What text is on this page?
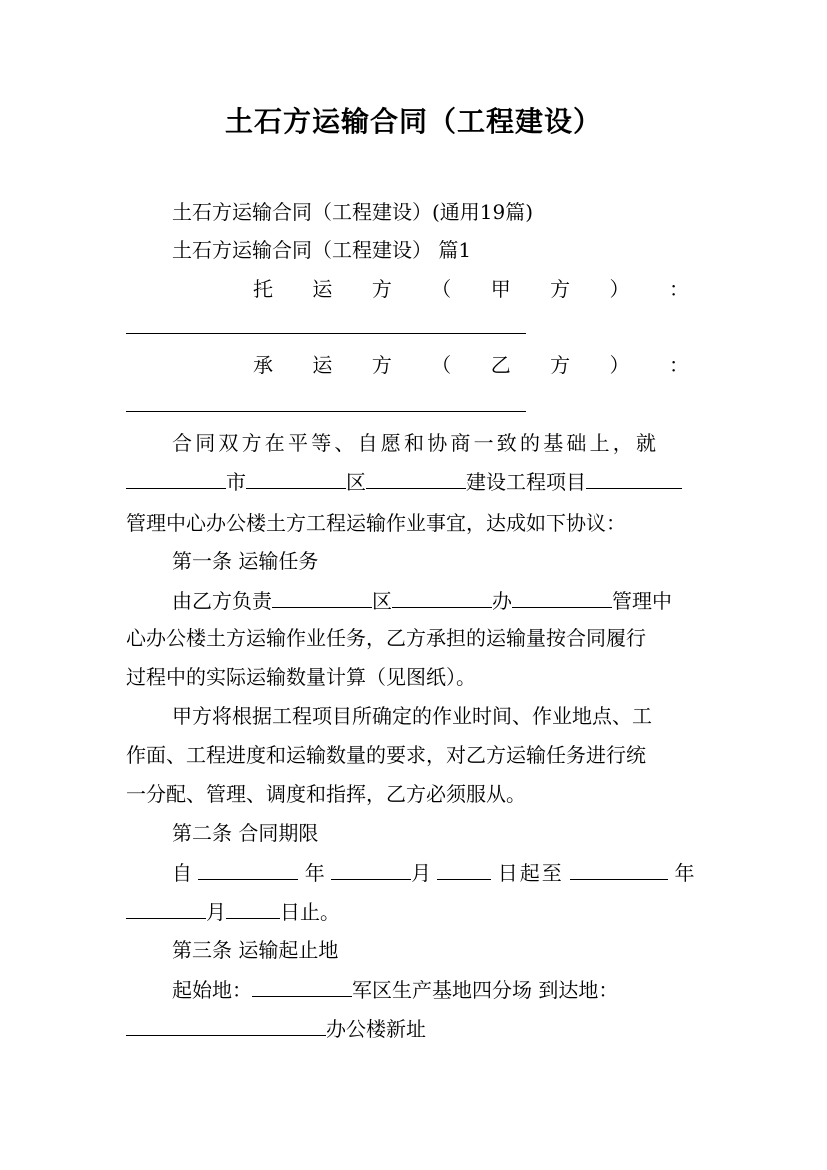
土石方运输合同（工程建设）
土石方运输合同（工程建设）(通用19篇)
土石方运输合同（工程建设） 篇1
托 运 方 （ 甲 方 ） ：
承 运 方 （ 乙 方 ） ：
合同双方在平等、自愿和协商一致的基础上，就
市	区	建设工程项目
管理中心办公楼土方工程运输作业事宜，达成如下协议：
第一条 运输任务
由乙方负责	区	办	管理中
心办公楼土方运输作业任务，乙方承担的运输量按合同履行
过程中的实际运输数量计算（见图纸）。
甲方将根据工程项目所确定的作业时间、作业地点、工
作面、工程进度和运输数量的要求，对乙方运输任务进行统
一分配、管理、调度和指挥，乙方必须服从。
第二条 合同期限
自	年	月	日起至	年
月	日止。
第三条 运输起止地
起始地：	军区生产基地四分场 到达地：
办公楼新址
